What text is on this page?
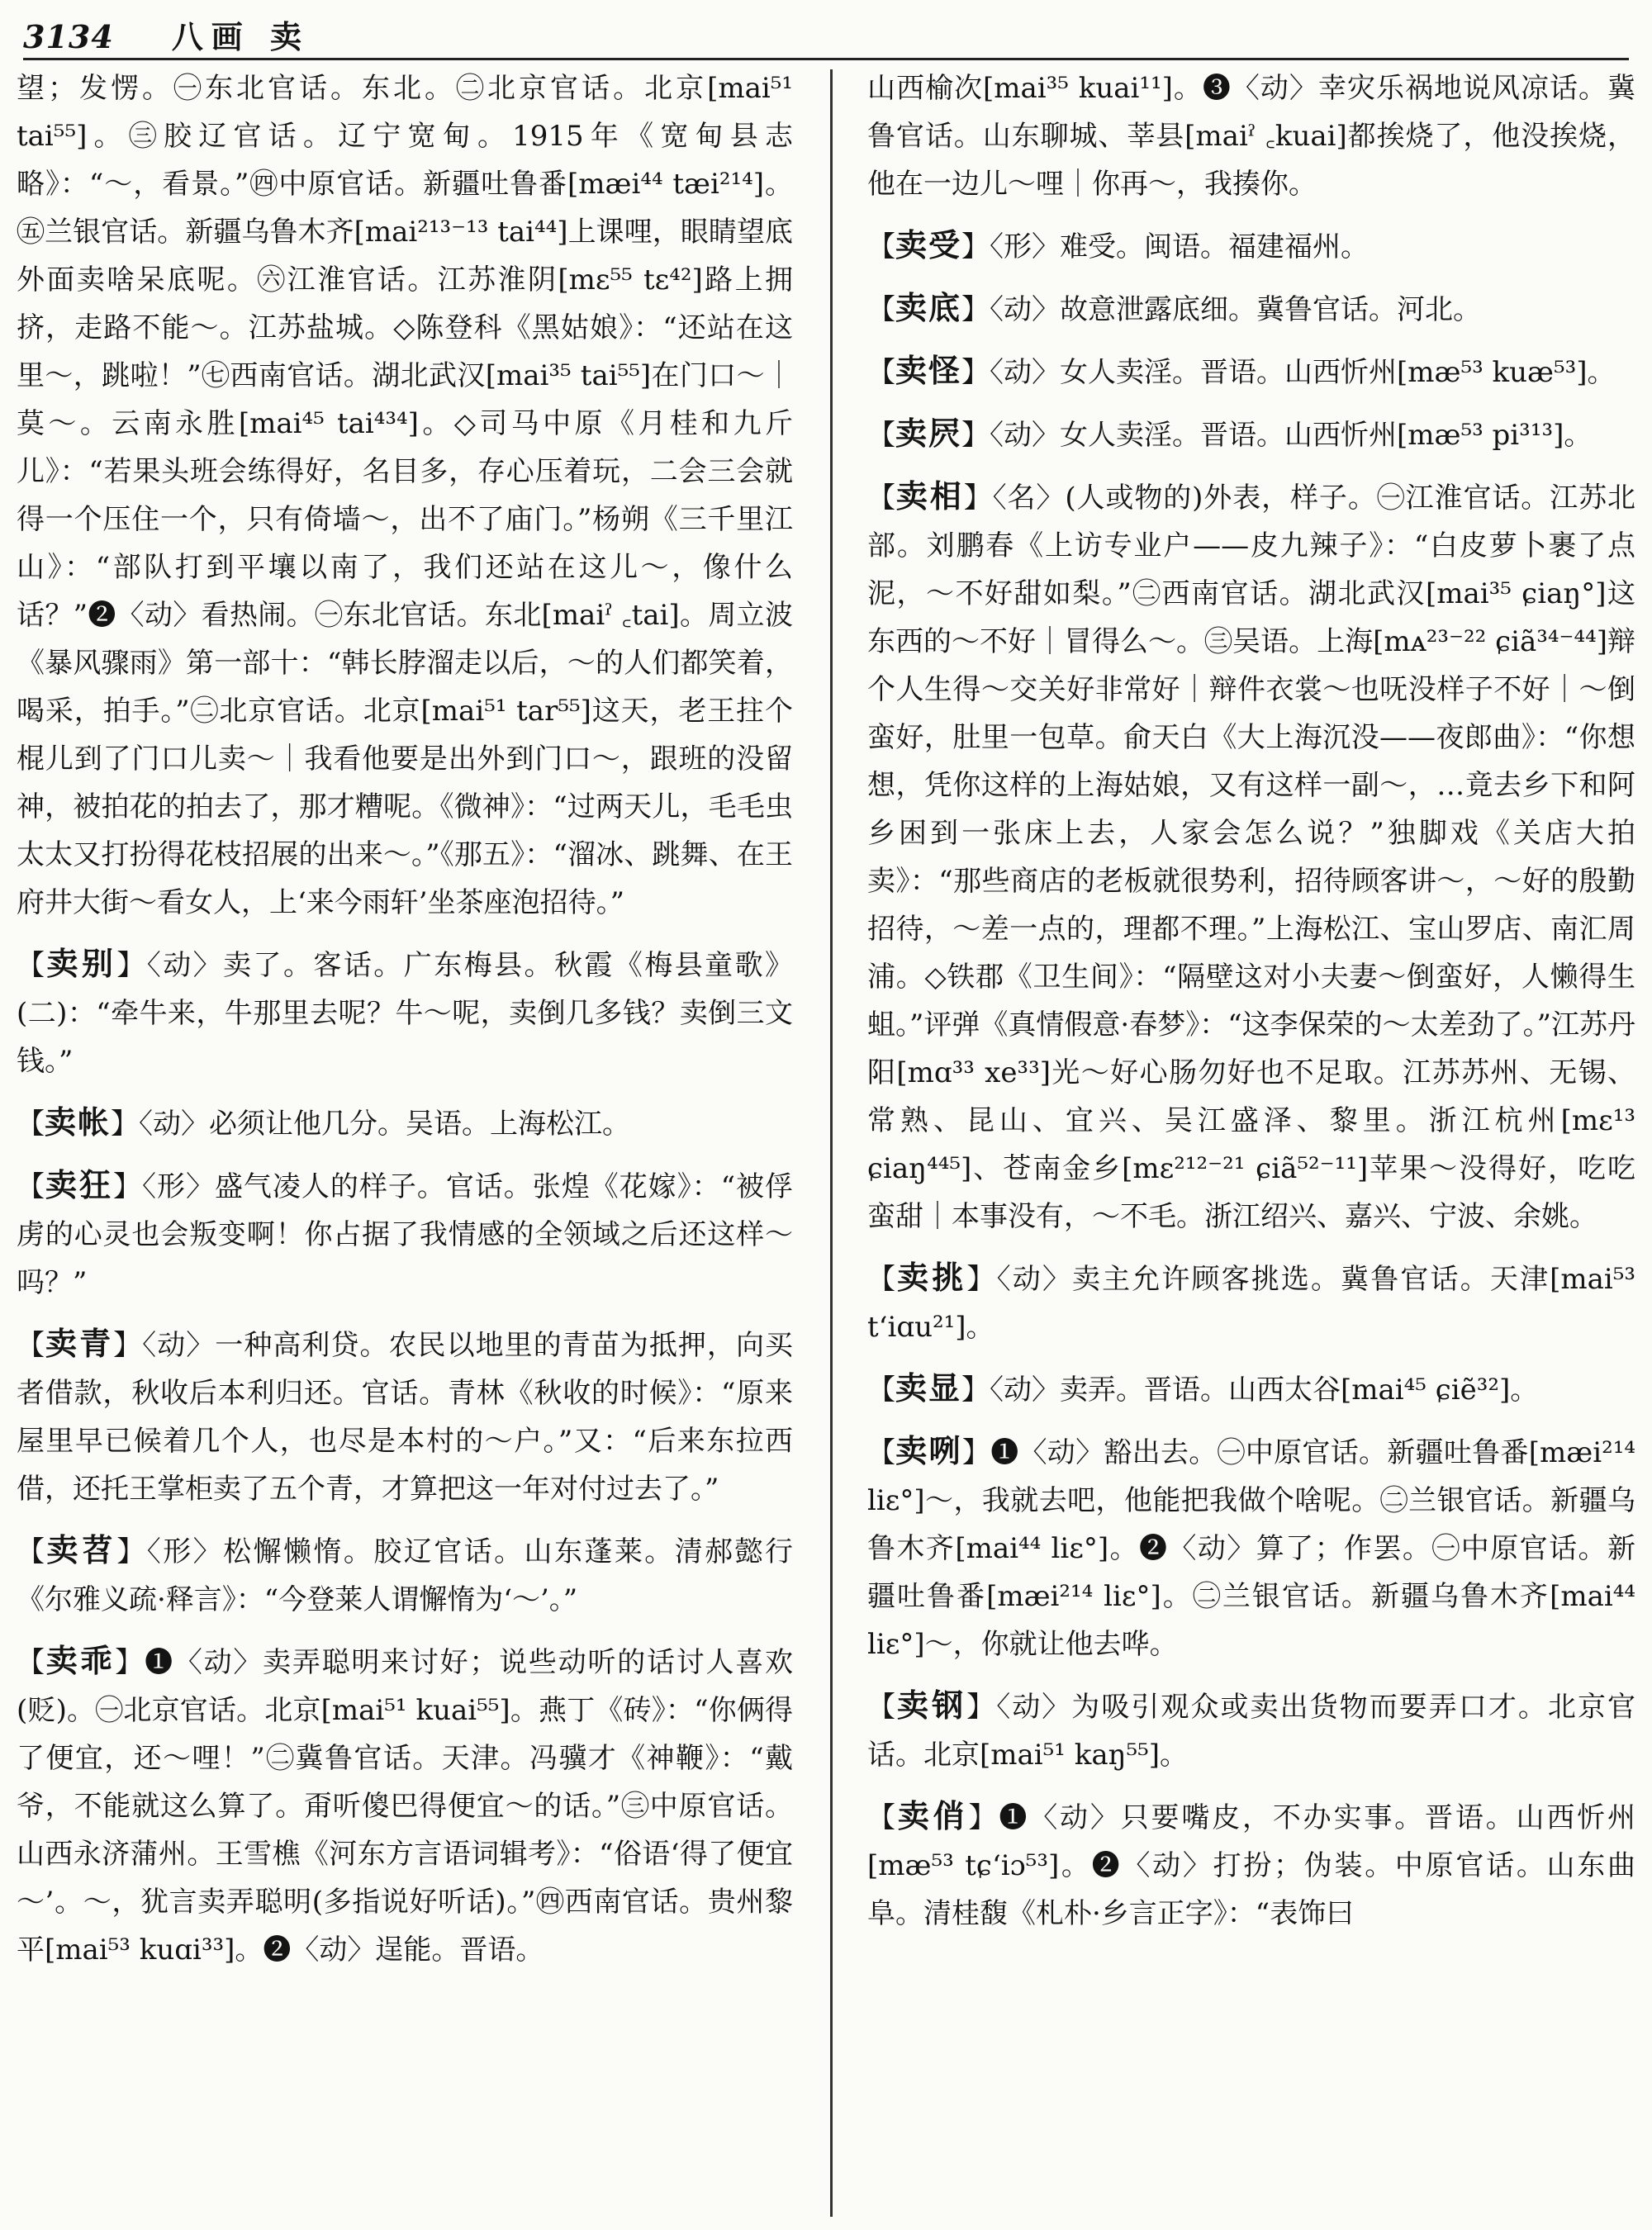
3134 八画 卖

望；发愣。㊀东北官话。东北。㊁北京官话。北京[mai⁵¹ tai⁵⁵]。㊂胶辽官话。辽宁宽甸。1915年《宽甸县志略》：“～，看景。”㊃中原官话。新疆吐鲁番[mæi⁴⁴ tæi²¹⁴]。㊄兰银官话。新疆乌鲁木齐[mai²¹³⁻¹³ tai⁴⁴]上课哩，眼睛望底外面卖啥呆底呢。㊅江淮官话。江苏淮阴[mɛ⁵⁵ tɛ⁴²]路上拥挤，走路不能～。江苏盐城。◇陈登科《黑姑娘》：“还站在这里～，跳啦！”㊆西南官话。湖北武汉[mai³⁵ tai⁵⁵]在门口～｜莫～。云南永胜[mai⁴⁵ tai⁴³⁴]。◇司马中原《月桂和九斤儿》：“若果头班会练得好，名目多，存心压着玩，二会三会就得一个压住一个，只有倚墙～，出不了庙门。”杨朔《三千里江山》：“部队打到平壤以南了，我们还站在这儿～，像什么话？”❷〈动〉看热闹。㊀东北官话。东北[maiˀ ꜀tai]。周立波《暴风骤雨》第一部十：“韩长脖溜走以后，～的人们都笑着，喝采，拍手。”㊁北京官话。北京[mai⁵¹ tar⁵⁵]这天，老王拄个棍儿到了门口儿卖～｜我看他要是出外到门口～，跟班的没留神，被拍花的拍去了，那才糟呢。《微神》：“过两天儿，毛毛虫太太又打扮得花枝招展的出来～。”《那五》：“溜冰、跳舞、在王府井大街～看女人，上‘来今雨轩’坐茶座泡招待。”

【卖别】〈动〉卖了。客话。广东梅县。秋霞《梅县童歌》(二)：“牵牛来，牛那里去呢？牛～呢，卖倒几多钱？卖倒三文钱。”

【卖帐】〈动〉必须让他几分。吴语。上海松江。

【卖狂】〈形〉盛气凌人的样子。官话。张煌《花嫁》：“被俘虏的心灵也会叛变啊！你占据了我情感的全领域之后还这样～吗？”

【卖青】〈动〉一种高利贷。农民以地里的青苗为抵押，向买者借款，秋收后本利归还。官话。青林《秋收的时候》：“原来屋里早已候着几个人，也尽是本村的～户。”又：“后来东拉西借，还托王掌柜卖了五个青，才算把这一年对付过去了。”

【卖苕】〈形〉松懈懒惰。胶辽官话。山东蓬莱。清郝懿行《尔雅义疏·释言》：“今登莱人谓懈惰为‘～’。”

【卖乖】❶〈动〉卖弄聪明来讨好；说些动听的话讨人喜欢(贬)。㊀北京官话。北京[mai⁵¹ kuai⁵⁵]。燕丁《砖》：“你俩得了便宜，还～哩！”㊁冀鲁官话。天津。冯骥才《神鞭》：“戴爷，不能就这么算了。甭听傻巴得便宜～的话。”㊂中原官话。山西永济蒲州。王雪樵《河东方言语词辑考》：“俗语‘得了便宜～’。～，犹言卖弄聪明(多指说好听话)。”㊃西南官话。贵州黎平[mai⁵³ kuɑi³³]。❷〈动〉逞能。晋语。

山西榆次[mai³⁵ kuai¹¹]。❸〈动〉幸灾乐祸地说风凉话。冀鲁官话。山东聊城、莘县[maiˀ ꜀kuai]都挨烧了，他没挨烧，他在一边儿～哩｜你再～，我揍你。

【卖受】〈形〉难受。闽语。福建福州。

【卖底】〈动〉故意泄露底细。冀鲁官话。河北。

【卖怪】〈动〉女人卖淫。晋语。山西忻州[mæ⁵³ kuæ⁵³]。

【卖屄】〈动〉女人卖淫。晋语。山西忻州[mæ⁵³ pi³¹³]。

【卖相】〈名〉(人或物的)外表，样子。㊀江淮官话。江苏北部。刘鹏春《上访专业户——皮九辣子》：“白皮萝卜裹了点泥，～不好甜如梨。”㊁西南官话。湖北武汉[mai³⁵ ɕiaŋ°]这东西的～不好｜冒得么～。㊂吴语。上海[mᴀ²³⁻²² ɕiã³⁴⁻⁴⁴]辩个人生得～交关好非常好｜辩件衣裳～也呒没样子不好｜～倒蛮好，肚里一包草。俞天白《大上海沉没——夜郎曲》：“你想想，凭你这样的上海姑娘，又有这样一副～，…竟去乡下和阿乡困到一张床上去，人家会怎么说？”独脚戏《关店大拍卖》：“那些商店的老板就很势利，招待顾客讲～，～好的殷勤招待，～差一点的，理都不理。”上海松江、宝山罗店、南汇周浦。◇铁郡《卫生间》：“隔壁这对小夫妻～倒蛮好，人懒得生蛆。”评弹《真情假意·春梦》：“这李保荣的～太差劲了。”江苏丹阳[mɑ³³ xe³³]光～好心肠勿好也不足取。江苏苏州、无锡、常熟、昆山、宜兴、吴江盛泽、黎里。浙江杭州[mɛ¹³ ɕiaŋ⁴⁴⁵]、苍南金乡[mɛ²¹²⁻²¹ ɕiã⁵²⁻¹¹]苹果～没得好，吃吃蛮甜｜本事没有，～不毛。浙江绍兴、嘉兴、宁波、余姚。

【卖挑】〈动〉卖主允许顾客挑选。冀鲁官话。天津[mai⁵³ t‘iɑu²¹]。

【卖显】〈动〉卖弄。晋语。山西太谷[mai⁴⁵ ɕiẽ³²]。

【卖咧】❶〈动〉豁出去。㊀中原官话。新疆吐鲁番[mæi²¹⁴ liɛ°]～，我就去吧，他能把我做个啥呢。㊁兰银官话。新疆乌鲁木齐[mai⁴⁴ liɛ°]。❷〈动〉算了；作罢。㊀中原官话。新疆吐鲁番[mæi²¹⁴ liɛ°]。㊁兰银官话。新疆乌鲁木齐[mai⁴⁴ liɛ°]～，你就让他去哗。

【卖钢】〈动〉为吸引观众或卖出货物而要弄口才。北京官话。北京[mai⁵¹ kaŋ⁵⁵]。

【卖俏】❶〈动〉只要嘴皮，不办实事。晋语。山西忻州[mæ⁵³ tɕ‘iɔ⁵³]。❷〈动〉打扮；伪装。中原官话。山东曲阜。清桂馥《札朴·乡言正字》：“表饰曰
